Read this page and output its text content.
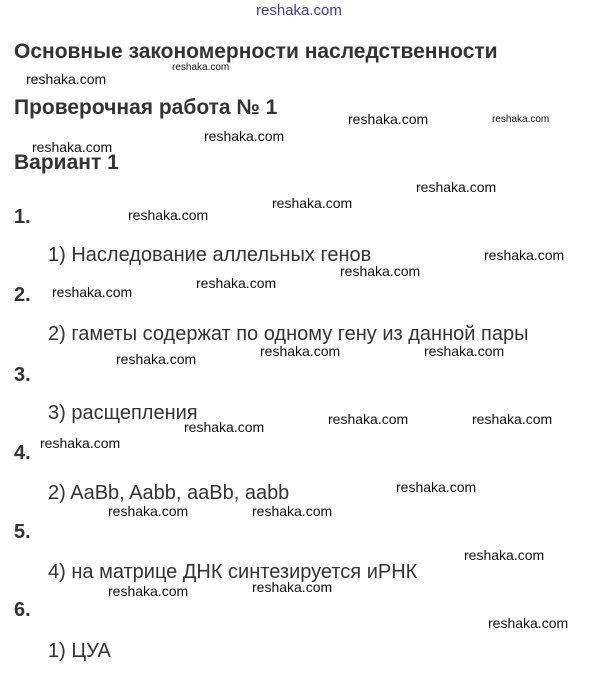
reshaka.com
Основные закономерности наследственности
Проверочная работа № 1
Вариант 1
1.
1) Наследование аллельных генов
2.
2) гаметы содержат по одному гену из данной пары
3.
3) расщепления
4.
2) AaBb, Aabb, aaBb, aabb
5.
4) на матрице ДНК синтезируется иРНК
6.
1) ЦУА
reshaka.com
reshaka.com
reshaka.com	reshaka.com
reshaka.com
reshaka.com
reshaka.com
reshaka.com
reshaka.com
reshaka.com
reshaka.com
reshaka.com
reshaka.com
reshaka.com	reshaka.com
reshaka.com
reshaka.com	reshaka.com
reshaka.com
reshaka.com
reshaka.com
reshaka.com	reshaka.com
reshaka.com
reshaka.com
reshaka.com
reshaka.com
